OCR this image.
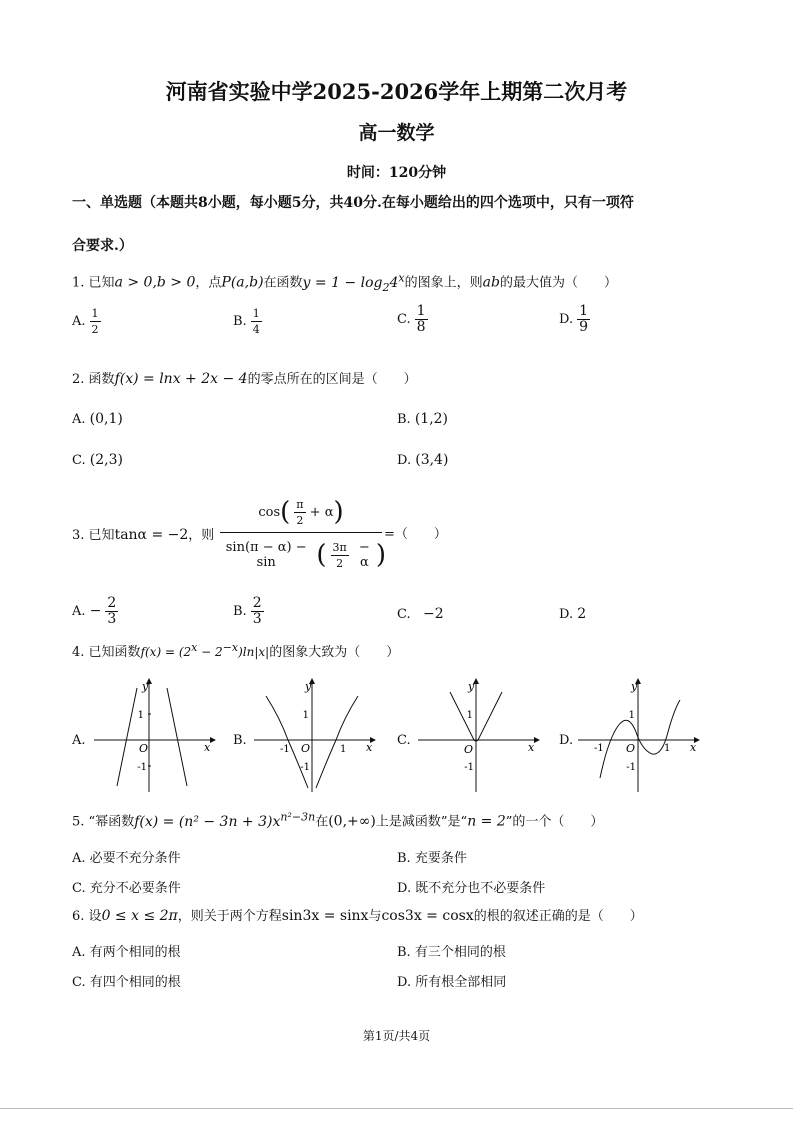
河南省实验中学2025-2026学年上期第二次月考
高一数学
时间：120分钟
一、单选题（本题共8小题，每小题5分，共40分.在每小题给出的四个选项中，只有一项符
合要求.）
1. 已知a > 0,b > 0，点P(a,b)在函数$y = 1 - \log_24^x$的图象上，则ab的最大值为（　　）
A. $\frac{1}{2}$	B. $\frac{1}{4}$	C. $\frac{1}{8}$	D. $\frac{1}{9}$
2. 函数f(x) = lnx + 2x − 4的零点所在的区间是（　　）
A. (0,1)	B. (1,2)
C. (2,3)	D. (3,4)
3. 已知tanα = −2，则
cos ( $\frac{\pi}{2}$
+ α )
sin(π − α) − sin	( $\frac{3\pi}{2}$
− α )
=（　　）
A. − $\frac{2}{3}$	B. $\frac{2}{3}$	C. −2	D. 2
4. 已知函数$f(x) = (2^x - 2^{-x})\ln|x|$的图象大致为（　　）
A.	x
y
O
1
-1
B.	x
y
O
1
-1
-1	1
C.	x
y
O
1
-1
D.	x
y
O
1
-1
-1	1
5. “幂函数$f(x) = (n^2 - 3n + 3)x^{n^2-3n}$在(0,+∞)上是减函数”是“n = 2”的一个（　　）
A. 必要不充分条件	B. 充要条件
C. 充分不必要条件	D. 既不充分也不必要条件
6. 设0 ≤ x ≤ 2π，则关于两个方程sin3x = sinx与cos3x = cosx的根的叙述正确的是（　　）
A. 有两个相同的根	B. 有三个相同的根
C. 有四个相同的根	D. 所有根全部相同
第1页/共4页
